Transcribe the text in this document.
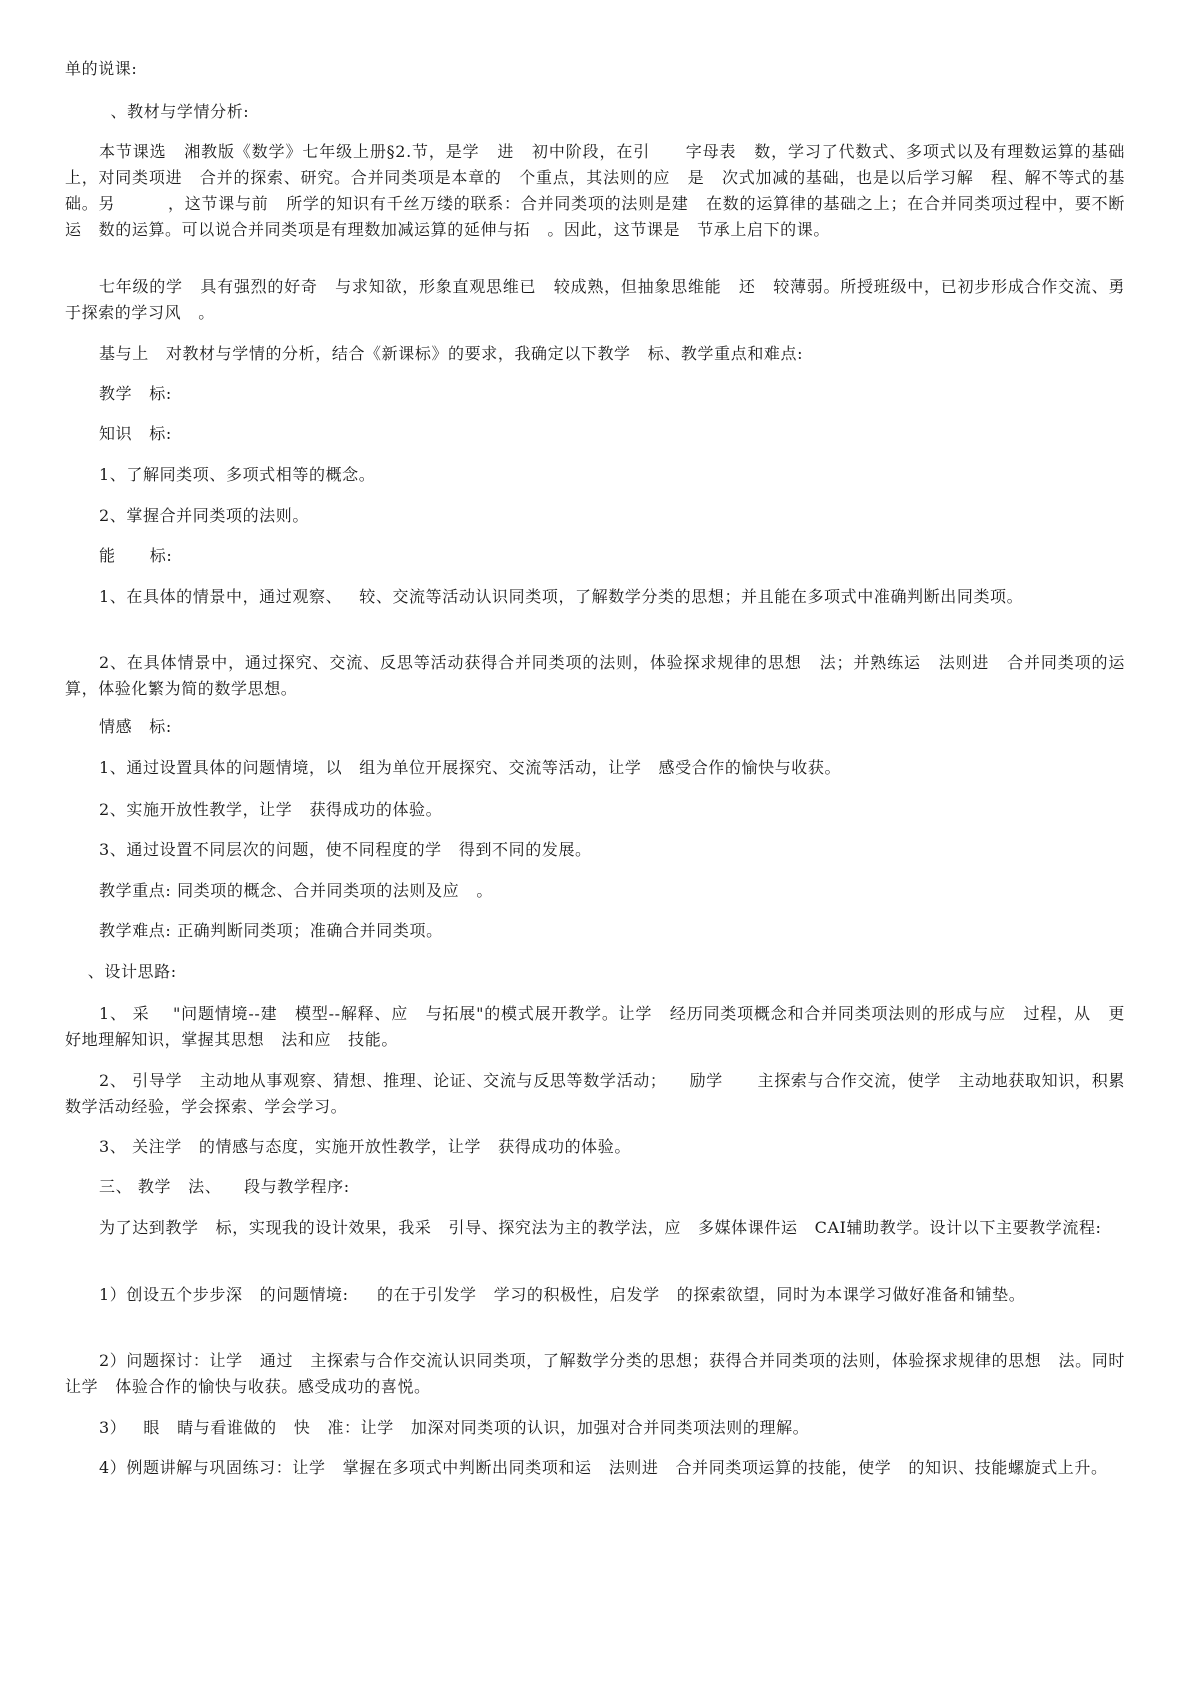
单的说课:

、教材与学情分析:

本节课选   湘教版《数学》七年级上册§2.节，是学   进   初中阶段，在引      字母表   数，学习了代数式、多项式以及有理数运算的基础上，对同类项进   合并的探索、研究。合并同类项是本章的   个重点，其法则的应   是   次式加减的基础，也是以后学习解   程、解不等式的基础。另         ，这节课与前   所学的知识有千丝万缕的联系：合并同类项的法则是建   在数的运算律的基础之上；在合并同类项过程中，要不断运   数的运算。可以说合并同类项是有理数加减运算的延伸与拓   。因此，这节课是   节承上启下的课。

七年级的学   具有强烈的好奇   与求知欲，形象直观思维已   较成熟，但抽象思维能   还   较薄弱。所授班级中，已初步形成合作交流、勇于探索的学习风   。

基与上   对教材与学情的分析，结合《新课标》的要求，我确定以下教学   标、教学重点和难点:

教学   标:

知识   标:

1、了解同类项、多项式相等的概念。

2、掌握合并同类项的法则。

能      标:

1、在具体的情景中，通过观察、   较、交流等活动认识同类项，了解数学分类的思想；并且能在多项式中准确判断出同类项。

2、在具体情景中，通过探究、交流、反思等活动获得合并同类项的法则，体验探求规律的思想   法；并熟练运   法则进   合并同类项的运算，体验化繁为简的数学思想。

情感   标:

1、通过设置具体的问题情境，以   组为单位开展探究、交流等活动，让学   感受合作的愉快与收获。

2、实施开放性教学，让学   获得成功的体验。

3、通过设置不同层次的问题，使不同程度的学   得到不同的发展。

教学重点: 同类项的概念、合并同类项的法则及应   。

教学难点: 正确判断同类项；准确合并同类项。

、设计思路:

1、 采    "问题情境--建   模型--解释、应   与拓展"的模式展开教学。让学   经历同类项概念和合并同类项法则的形成与应   过程，从   更好地理解知识，掌握其思想   法和应   技能。

2、 引导学   主动地从事观察、猜想、推理、论证、交流与反思等数学活动；    励学      主探索与合作交流，使学   主动地获取知识，积累数学活动经验，学会探索、学会学习。

3、 关注学   的情感与态度，实施开放性教学，让学   获得成功的体验。

三、 教学   法、    段与教学程序:

为了达到教学   标，实现我的设计效果，我采   引导、探究法为主的教学法，应   多媒体课件运   CAI辅助教学。设计以下主要教学流程:

1）创设五个步步深   的问题情境:     的在于引发学   学习的积极性，启发学   的探索欲望，同时为本课学习做好准备和铺垫。

2）问题探讨：让学   通过   主探索与合作交流认识同类项，了解数学分类的思想；获得合并同类项的法则，体验探求规律的思想   法。同时让学   体验合作的愉快与收获。感受成功的喜悦。

3）   眼   睛与看谁做的   快   准：让学   加深对同类项的认识，加强对合并同类项法则的理解。

4）例题讲解与巩固练习：让学   掌握在多项式中判断出同类项和运   法则进   合并同类项运算的技能，使学   的知识、技能螺旋式上升。
